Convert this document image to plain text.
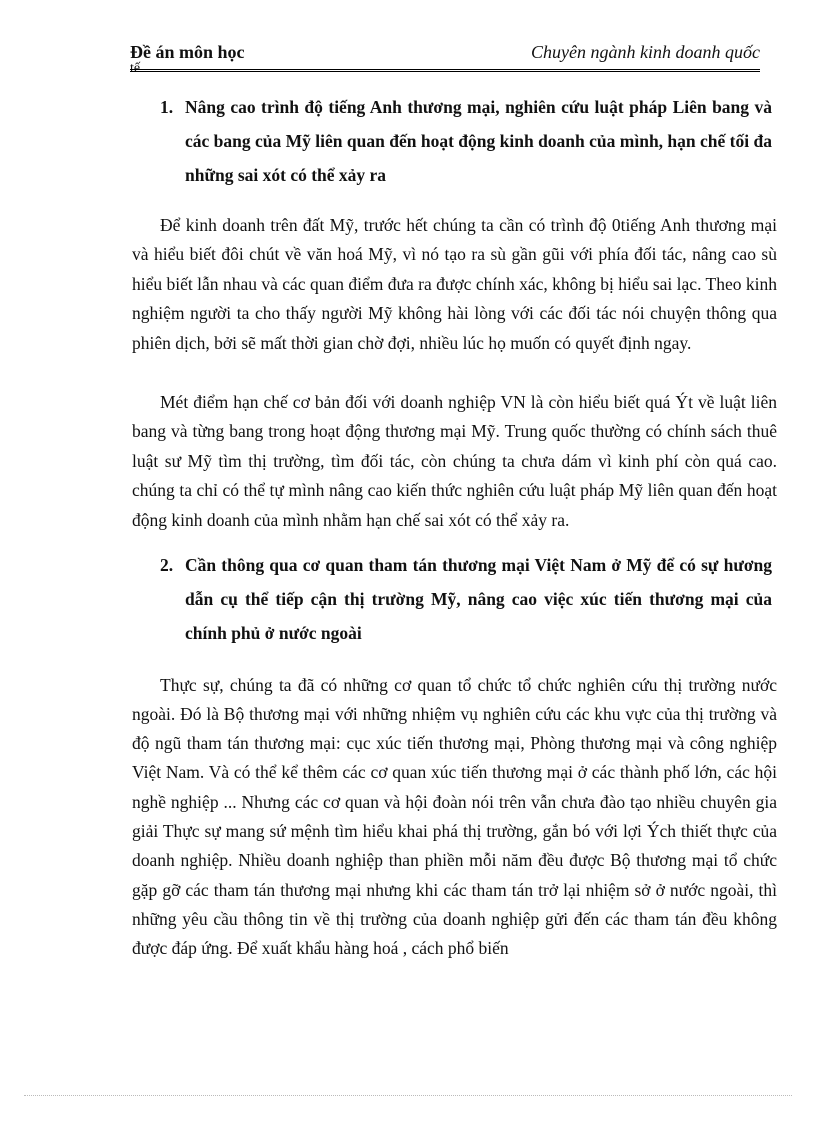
Đề án môn học
tế
Chuyên ngành kinh doanh quốc
1. Nâng cao trình độ tiếng Anh thương mại, nghiên cứu luật pháp Liên bang và các bang của Mỹ liên quan đến hoạt động kinh doanh của mình, hạn chế tối đa những sai xót có thể xảy ra

Để kinh doanh trên đất Mỹ, trước hết chúng ta cần có trình độ 0tiếng Anh thương mại và hiểu biết đôi chút về văn hoá Mỹ, vì nó tạo ra sù gần gũi với phía đối tác, nâng cao sù hiểu biết lẫn nhau và các quan điểm đưa ra được chính xác, không bị hiểu sai lạc. Theo kinh nghiệm người ta cho thấy người Mỹ không hài lòng với các đối tác nói chuyện thông qua phiên dịch, bởi sẽ mất thời gian chờ đợi, nhiều lúc họ muốn có quyết định ngay.

Mét điểm hạn chế cơ bản đối với doanh nghiệp VN là còn hiểu biết quá Ýt về luật liên bang và từng bang trong hoạt động thương mại Mỹ. Trung quốc thường có chính sách thuê luật sư Mỹ tìm thị trường, tìm đối tác, còn chúng ta chưa dám vì kinh phí còn quá cao. chúng ta chỉ có thể tự mình nâng cao kiến thức nghiên cứu luật pháp Mỹ liên quan đến hoạt động kinh doanh của mình nhằm hạn chế sai xót có thể xảy ra.

2. Cần thông qua cơ quan tham tán thương mại Việt Nam ở Mỹ để có sự hương dẫn cụ thể tiếp cận thị trường Mỹ, nâng cao việc xúc tiến thương mại của chính phủ ở nước ngoài

Thực sự, chúng ta đã có những cơ quan tổ chức tổ chức nghiên cứu thị trường nước ngoài. Đó là Bộ thương mại với những nhiệm vụ nghiên cứu các khu vực của thị trường và độ ngũ tham tán thương mại: cục xúc tiến thương mại, Phòng thương mại và công nghiệp Việt Nam. Và có thể kể thêm các cơ quan xúc tiến thương mại ở các thành phố lớn, các hội nghề nghiệp ... Nhưng các cơ quan và hội đoàn nói trên vẫn chưa đào tạo nhiều chuyên gia giải Thực sự mang sứ mệnh tìm hiểu khai phá thị trường, gắn bó với lợi Ých thiết thực của doanh nghiệp. Nhiều doanh nghiệp than phiền mỗi năm đều được Bộ thương mại tổ chức gặp gỡ các tham tán thương mại nhưng khi các tham tán trở lại nhiệm sở ở nước ngoài, thì những yêu cầu thông tin về thị trường của doanh nghiệp gửi đến các tham tán đều không được đáp ứng. Để xuất khẩu hàng hoá , cách phổ biến
